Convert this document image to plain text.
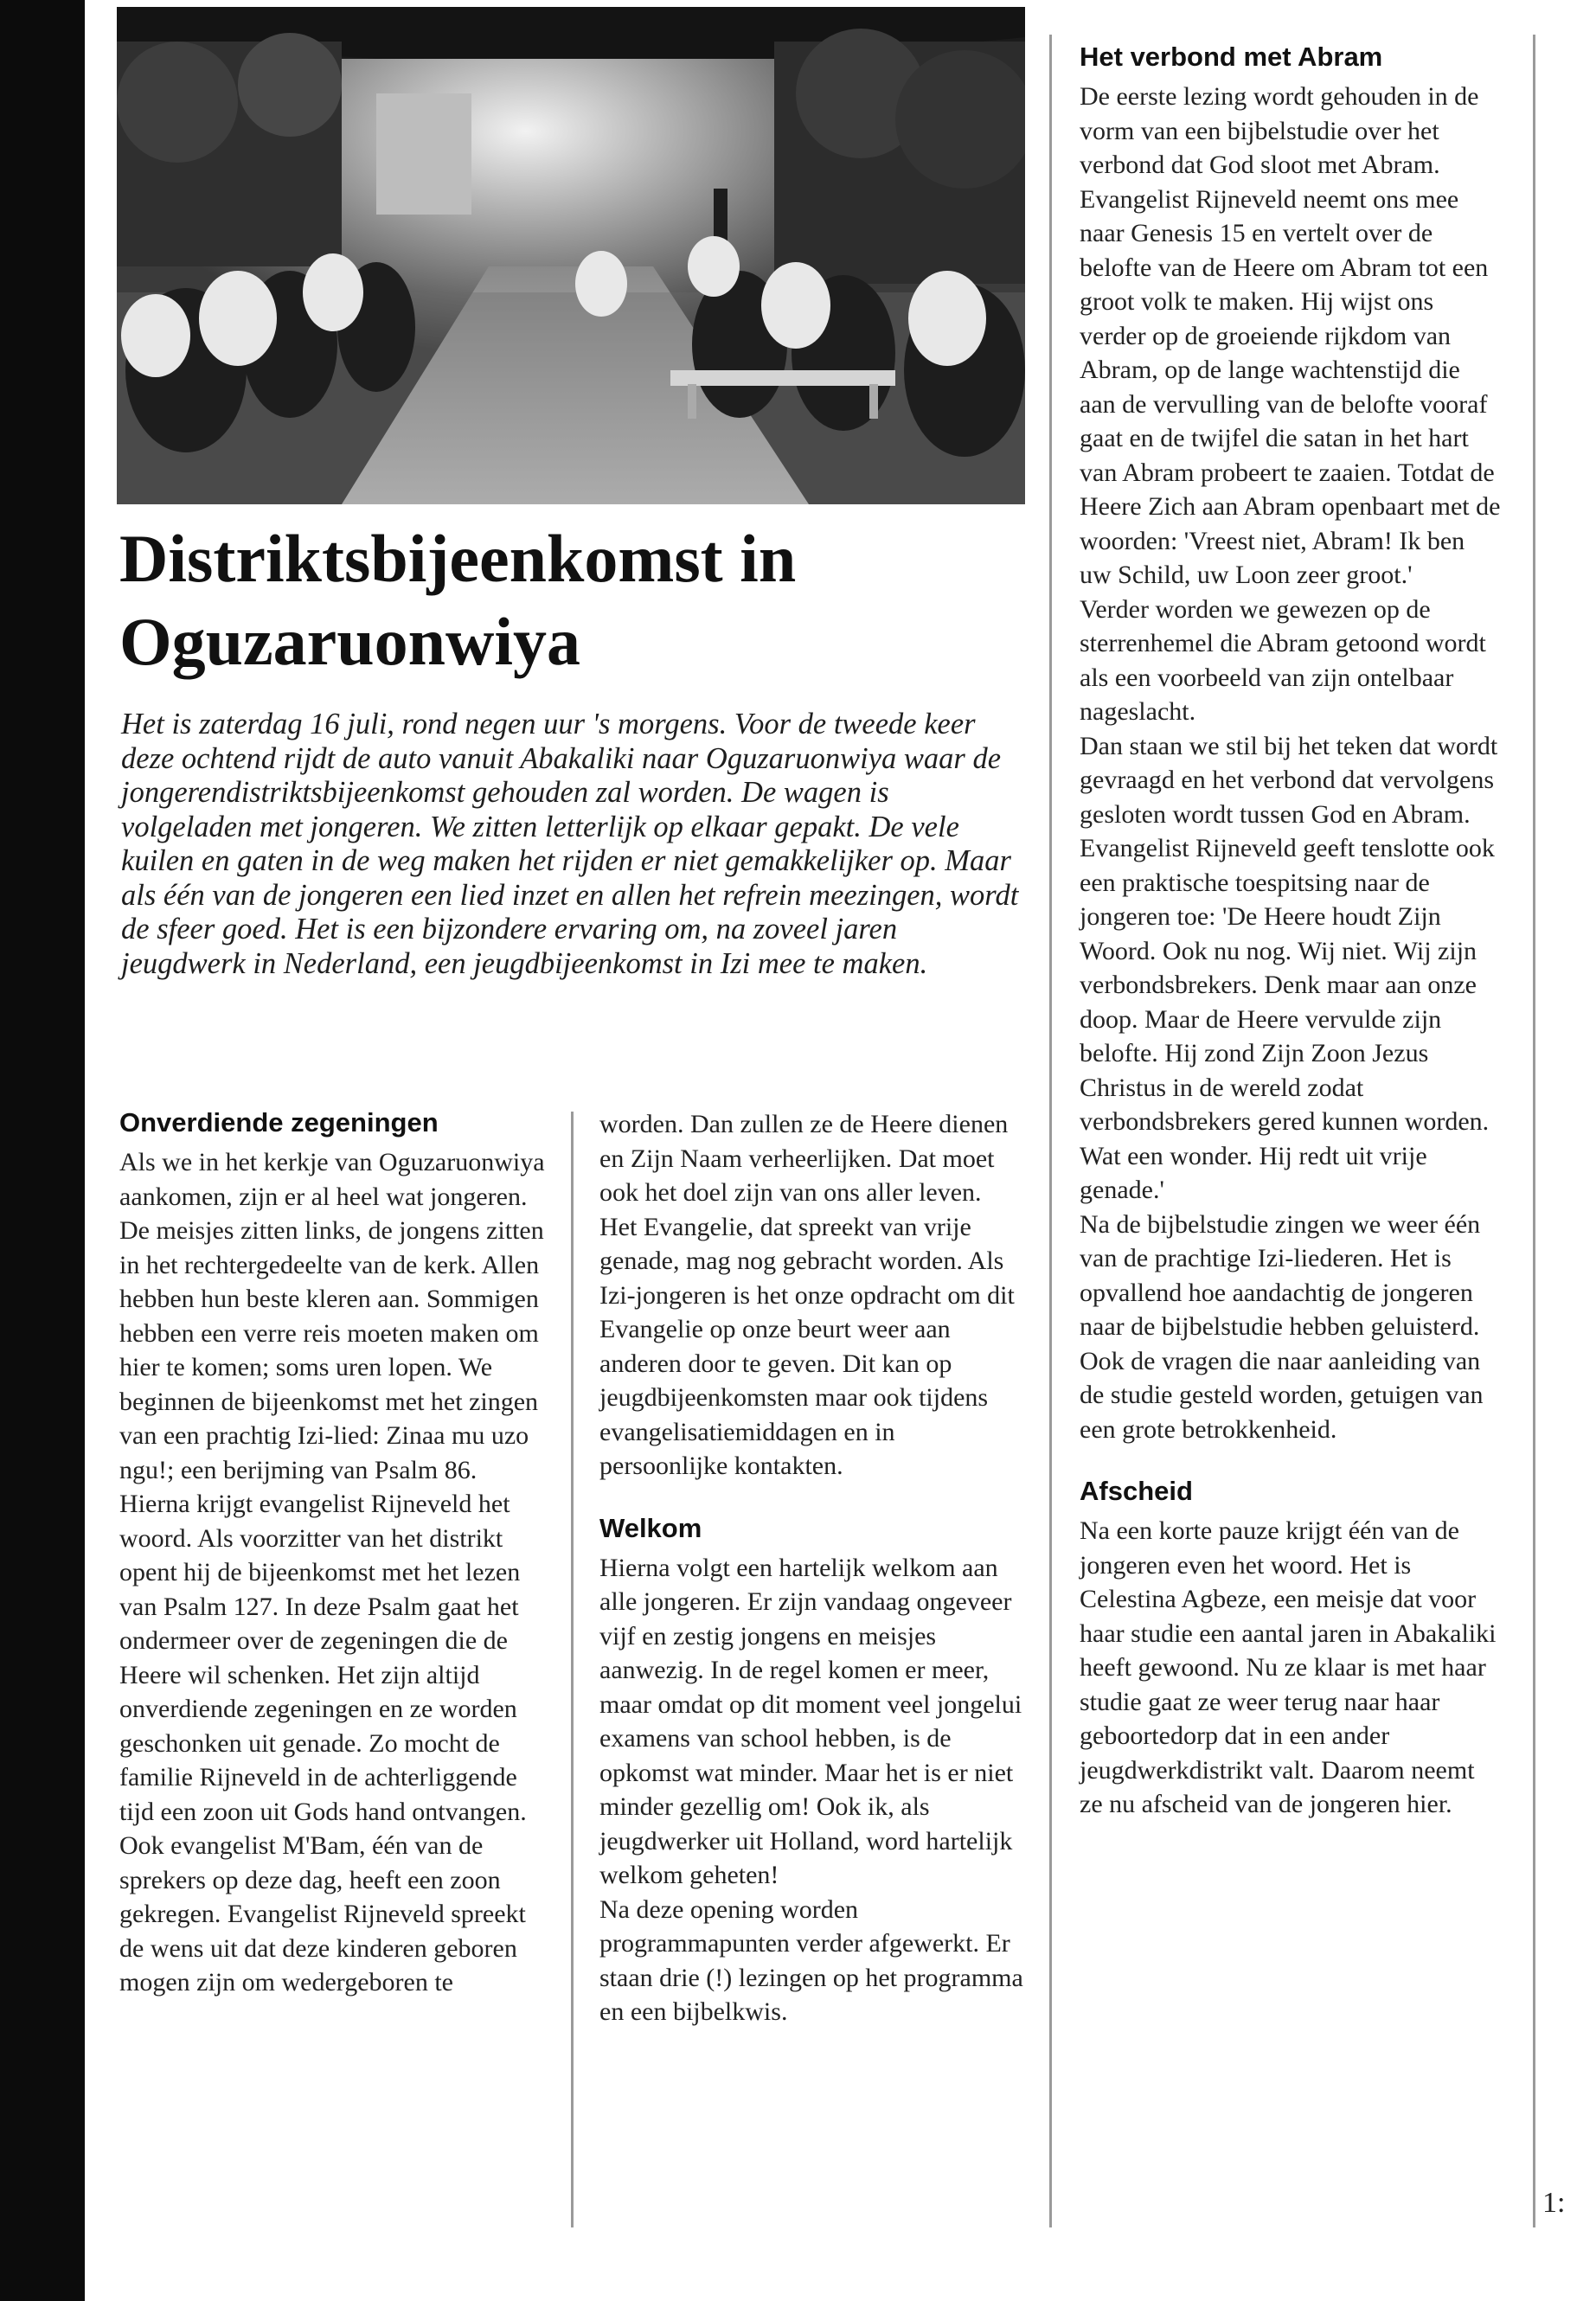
Distriktsbijeenkomst in Oguzaruonwiya

Het is zaterdag 16 juli, rond negen uur 's morgens. Voor de tweede keer deze ochtend rijdt de auto vanuit Abakaliki naar Oguzaruonwiya waar de jongerendistriktsbijeenkomst gehouden zal worden. De wagen is volgeladen met jongeren. We zitten letterlijk op elkaar gepakt. De vele kuilen en gaten in de weg maken het rijden er niet gemakkelijker op. Maar als één van de jongeren een lied inzet en allen het refrein meezingen, wordt de sfeer goed. Het is een bijzondere ervaring om, na zoveel jaren jeugdwerk in Nederland, een jeugdbijeenkomst in Izi mee te maken.

Onverdiende zegeningen

Als we in het kerkje van Oguzaruonwiya aankomen, zijn er al heel wat jongeren. De meisjes zitten links, de jongens zitten in het rechtergedeelte van de kerk. Allen hebben hun beste kleren aan. Sommigen hebben een verre reis moeten maken om hier te komen; soms uren lopen. We beginnen de bijeenkomst met het zingen van een prachtig Izi-lied: Zinaa mu uzo ngu!; een berijming van Psalm 86. Hierna krijgt evangelist Rijneveld het woord. Als voorzitter van het distrikt opent hij de bijeenkomst met het lezen van Psalm 127. In deze Psalm gaat het ondermeer over de zegeningen die de Heere wil schenken. Het zijn altijd onverdiende zegeningen en ze worden geschonken uit genade. Zo mocht de familie Rijneveld in de achterliggende tijd een zoon uit Gods hand ontvangen. Ook evangelist M'Bam, één van de sprekers op deze dag, heeft een zoon gekregen. Evangelist Rijneveld spreekt de wens uit dat deze kinderen geboren mogen zijn om wedergeboren te

worden. Dan zullen ze de Heere dienen en Zijn Naam verheerlijken. Dat moet ook het doel zijn van ons aller leven. Het Evangelie, dat spreekt van vrije genade, mag nog gebracht worden. Als Izi-jongeren is het onze opdracht om dit Evangelie op onze beurt weer aan anderen door te geven. Dit kan op jeugdbijeenkomsten maar ook tijdens evangelisatiemiddagen en in persoonlijke kontakten.

Welkom

Hierna volgt een hartelijk welkom aan alle jongeren. Er zijn vandaag ongeveer vijf en zestig jongens en meisjes aanwezig. In de regel komen er meer, maar omdat op dit moment veel jongelui examens van school hebben, is de opkomst wat minder. Maar het is er niet minder gezellig om! Ook ik, als jeugdwerker uit Holland, word hartelijk welkom geheten!

Na deze opening worden programmapunten verder afgewerkt. Er staan drie (!) lezingen op het programma en een bijbelkwis.

Het verbond met Abram

De eerste lezing wordt gehouden in de vorm van een bijbelstudie over het verbond dat God sloot met Abram.

Evangelist Rijneveld neemt ons mee naar Genesis 15 en vertelt over de belofte van de Heere om Abram tot een groot volk te maken. Hij wijst ons verder op de groeiende rijkdom van Abram, op de lange wachtenstijd die aan de vervulling van de belofte vooraf gaat en de twijfel die satan in het hart van Abram probeert te zaaien. Totdat de Heere Zich aan Abram openbaart met de woorden: 'Vreest niet, Abram! Ik ben uw Schild, uw Loon zeer groot.'

Verder worden we gewezen op de sterrenhemel die Abram getoond wordt als een voorbeeld van zijn ontelbaar nageslacht.

Dan staan we stil bij het teken dat wordt gevraagd en het verbond dat vervolgens gesloten wordt tussen God en Abram.

Evangelist Rijneveld geeft tenslotte ook een praktische toespitsing naar de jongeren toe: 'De Heere houdt Zijn Woord. Ook nu nog. Wij niet. Wij zijn verbondsbrekers. Denk maar aan onze doop. Maar de Heere vervulde zijn belofte. Hij zond Zijn Zoon Jezus Christus in de wereld zodat verbondsbrekers gered kunnen worden. Wat een wonder. Hij redt uit vrije genade.'

Na de bijbelstudie zingen we weer één van de prachtige Izi-liederen. Het is opvallend hoe aandachtig de jongeren naar de bijbelstudie hebben geluisterd. Ook de vragen die naar aanleiding van de studie gesteld worden, getuigen van een grote betrokkenheid.

Afscheid

Na een korte pauze krijgt één van de jongeren even het woord. Het is Celestina Agbeze, een meisje dat voor haar studie een aantal jaren in Abakaliki heeft gewoond. Nu ze klaar is met haar studie gaat ze weer terug naar haar geboortedorp dat in een ander jeugdwerkdistrikt valt. Daarom neemt ze nu afscheid van de jongeren hier.

1:
